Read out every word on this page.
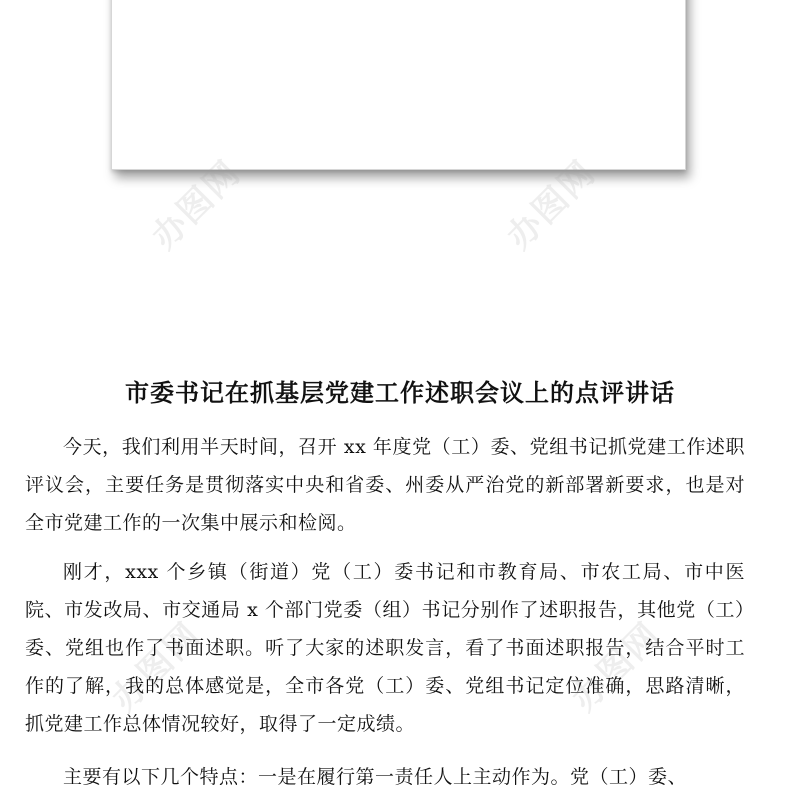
办图网	办图网
办图网	办图网
市委书记在抓基层党建工作述职会议上的点评讲话

今天，我们利用半天时间，召开 xx 年度党（工）委、党组书记抓党建工作述职评议会，主要任务是贯彻落实中央和省委、州委从严治党的新部署新要求，也是对全市党建工作的一次集中展示和检阅。

刚才，xxx 个乡镇（街道）党（工）委书记和市教育局、市农工局、市中医院、市发改局、市交通局 x 个部门党委（组）书记分别作了述职报告，其他党（工）委、党组也作了书面述职。听了大家的述职发言，看了书面述职报告，结合平时工作的了解，我的总体感觉是，全市各党（工）委、党组书记定位准确，思路清晰，抓党建工作总体情况较好，取得了一定成绩。

主要有以下几个特点：一是在履行第一责任人上主动作为。党（工）委、
